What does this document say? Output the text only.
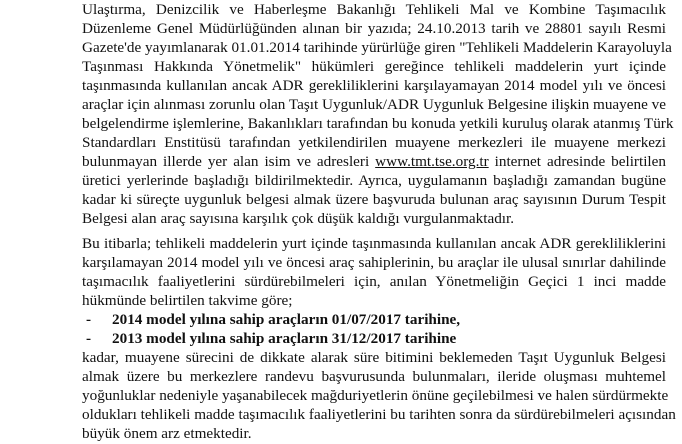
Ulaştırma, Denizcilik ve Haberleşme Bakanlığı Tehlikeli Mal ve Kombine Taşımacılık
Düzenleme Genel Müdürlüğünden alınan bir yazıda; 24.10.2013 tarih ve 28801 sayılı Resmi
Gazete'de yayımlanarak 01.01.2014 tarihinde yürürlüğe giren "Tehlikeli Maddelerin Karayoluyla
Taşınması Hakkında Yönetmelik" hükümleri gereğince tehlikeli maddelerin yurt içinde
taşınmasında kullanılan ancak ADR gerekliliklerini karşılayamayan 2014 model yılı ve öncesi
araçlar için alınması zorunlu olan Taşıt Uygunluk/ADR Uygunluk Belgesine ilişkin muayene ve
belgelendirme işlemlerine, Bakanlıkları tarafından bu konuda yetkili kuruluş olarak atanmış Türk
Standardları Enstitüsü tarafından yetkilendirilen muayene merkezleri ile muayene merkezi
bulunmayan illerde yer alan isim ve adresleri www.tmt.tse.org.tr internet adresinde belirtilen
üretici yerlerinde başladığı bildirilmektedir. Ayrıca, uygulamanın başladığı zamandan bugüne
kadar ki süreçte uygunluk belgesi almak üzere başvuruda bulunan araç sayısının Durum Tespit
Belgesi alan araç sayısına karşılık çok düşük kaldığı vurgulanmaktadır.
Bu itibarla; tehlikeli maddelerin yurt içinde taşınmasında kullanılan ancak ADR gerekliliklerini
karşılamayan 2014 model yılı ve öncesi araç sahiplerinin, bu araçlar ile ulusal sınırlar dahilinde
taşımacılık faaliyetlerini sürdürebilmeleri için, anılan Yönetmeliğin Geçici 1 inci madde
hükmünde belirtilen takvime göre;
- 2014 model yılına sahip araçların 01/07/2017 tarihine,
- 2013 model yılına sahip araçların 31/12/2017 tarihine
kadar, muayene sürecini de dikkate alarak süre bitimini beklemeden Taşıt Uygunluk Belgesi
almak üzere bu merkezlere randevu başvurusunda bulunmaları, ileride oluşması muhtemel
yoğunluklar nedeniyle yaşanabilecek mağduriyetlerin önüne geçilebilmesi ve halen sürdürmekte
oldukları tehlikeli madde taşımacılık faaliyetlerini bu tarihten sonra da sürdürebilmeleri açısından
büyük önem arz etmektedir.
